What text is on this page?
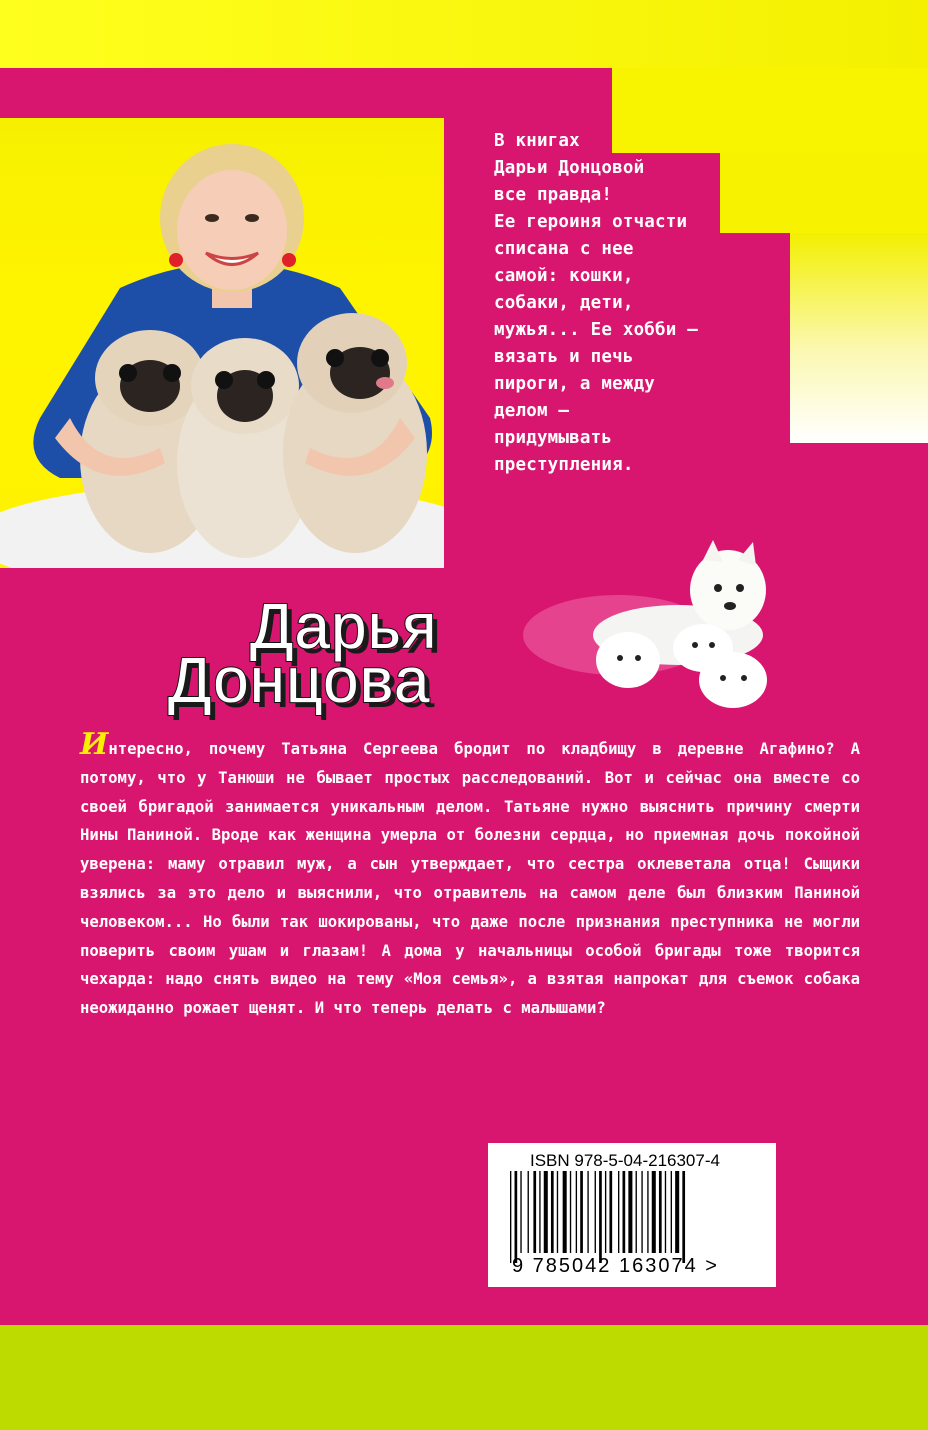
В книгах
Дарьи Донцовой
все правда!
Ее героиня отчасти
списана с нее
самой: кошки,
собаки, дети,
мужья... Ее хобби —
вязать и печь
пироги, а между
делом —
придумывать
преступления.
Дарья
Донцова
Интересно, почему Татьяна Сергеева бродит по кладбищу в деревне Агафино? А потому, что у Танюши не бывает простых расследований. Вот и сейчас она вместе со своей бригадой занимается уникальным делом. Татьяне нужно выяснить причину смерти Нины Паниной. Вроде как женщина умерла от болезни сердца, но приемная дочь покойной уверена: маму отравил муж, а сын утверждает, что сестра оклеветала отца! Сыщики взялись за это дело и выяснили, что отравитель на самом деле был близким Паниной человеком... Но были так шокированы, что даже после признания преступника не могли поверить своим ушам и глазам! А дома у начальницы особой бригады тоже творится чехарда: надо снять видео на тему «Моя семья», а взятая напрокат для съемок собака неожиданно рожает щенят. И что теперь делать с малышами?
ISBN 978-5-04-216307-4
9 785042 163074 >
